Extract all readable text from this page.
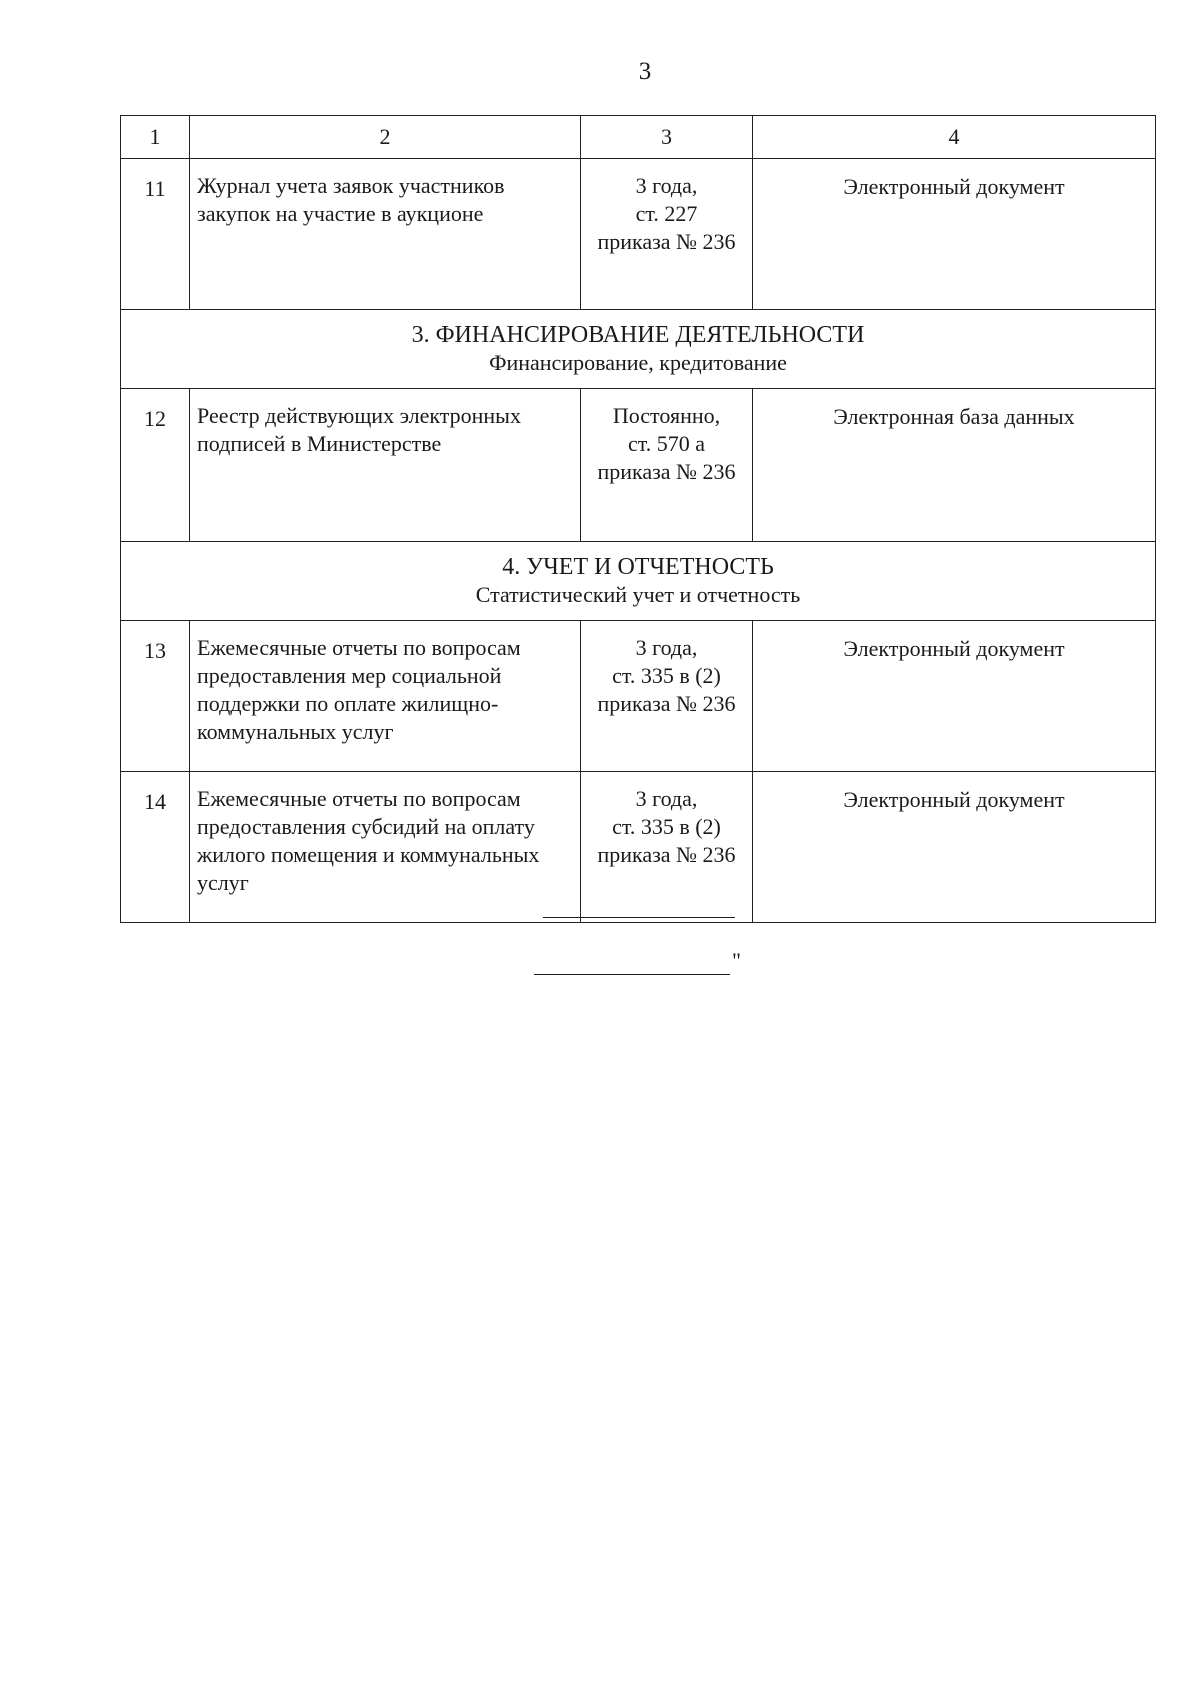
3
1	2	3	4
11	Журнал учета заявок участников закупок на участие в аукционе	3 года,
ст. 227
приказа № 236	Электронный документ

3. ФИНАНСИРОВАНИЕ ДЕЯТЕЛЬНОСТИ
Финансирование, кредитование			

12	Реестр действующих электронных подписей в Министерстве	Постоянно,
ст. 570 а
приказа № 236	Электронная база данных

4. УЧЕТ И ОТЧЕТНОСТЬ
Статистический учет и отчетность			

13	Ежемесячные отчеты по вопросам предоставления мер социальной поддержки по оплате жилищно-коммунальных услуг	3 года,
ст. 335 в (2)
приказа № 236	Электронный документ
14	Ежемесячные отчеты по вопросам предоставления субсидий на оплату жилого помещения и коммунальных услуг	3 года,
ст. 335 в (2)
приказа № 236	Электронный документ
"
